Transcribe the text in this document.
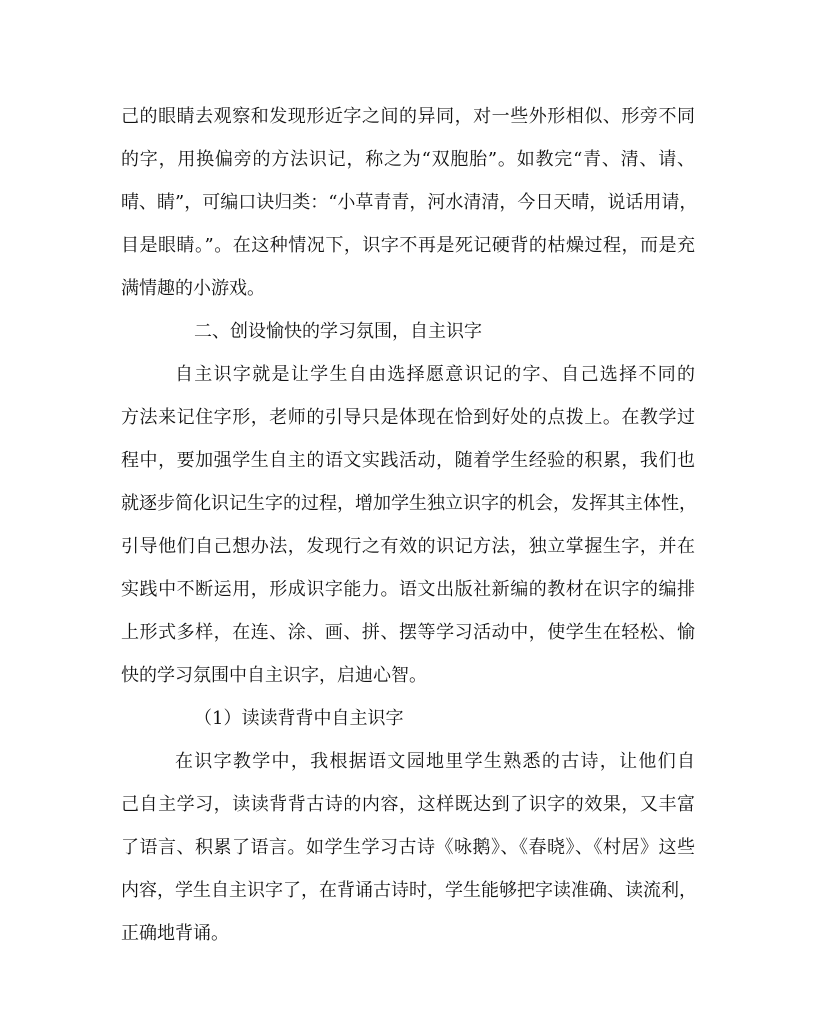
己的眼睛去观察和发现形近字之间的异同，对一些外形相似、形旁不同
的字，用换偏旁的方法识记，称之为“双胞胎”。如教完“青、清、请、
晴、睛”，可编口诀归类：“小草青青，河水清清，今日天晴，说话用请，
目是眼睛。”。在这种情况下，识字不再是死记硬背的枯燥过程，而是充
满情趣的小游戏。
二、创设愉快的学习氛围，自主识字
自主识字就是让学生自由选择愿意识记的字、自己选择不同的
方法来记住字形，老师的引导只是体现在恰到好处的点拨上。在教学过
程中，要加强学生自主的语文实践活动，随着学生经验的积累，我们也
就逐步简化识记生字的过程，增加学生独立识字的机会，发挥其主体性，
引导他们自己想办法，发现行之有效的识记方法，独立掌握生字，并在
实践中不断运用，形成识字能力。语文出版社新编的教材在识字的编排
上形式多样，在连、涂、画、拼、摆等学习活动中，使学生在轻松、愉
快的学习氛围中自主识字，启迪心智。
（1）读读背背中自主识字
在识字教学中，我根据语文园地里学生熟悉的古诗，让他们自
己自主学习，读读背背古诗的内容，这样既达到了识字的效果，又丰富
了语言、积累了语言。如学生学习古诗《咏鹅》、《春晓》、《村居》这些
内容，学生自主识字了，在背诵古诗时，学生能够把字读准确、读流利，
正确地背诵。
